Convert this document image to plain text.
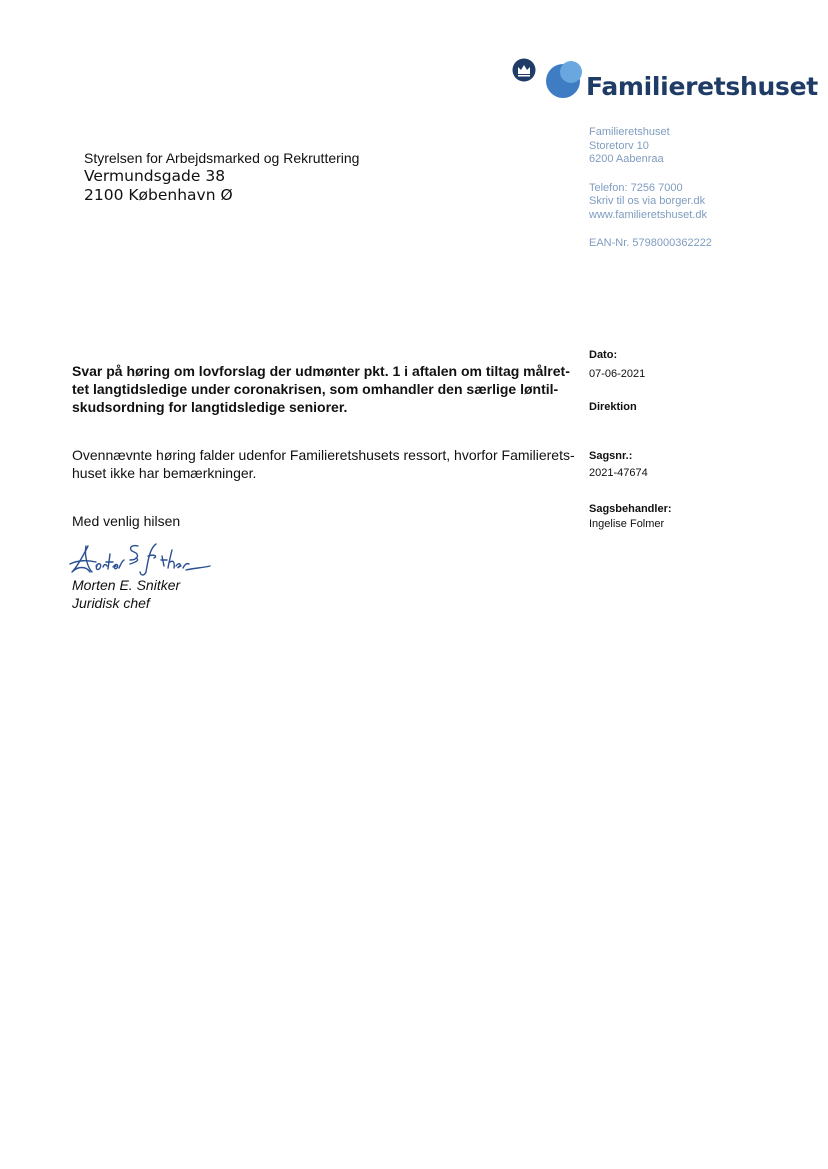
Familieretshuset
Styrelsen for Arbejdsmarked og Rekruttering
Vermundsgade 38
2100 København Ø
Familieretshuset
Storetorv 10
6200 Aabenraa
Telefon: 7256 7000
Skriv til os via borger.dk
www.familieretshuset.dk
EAN-Nr. 5798000362222
Svar på høring om lovforslag der udmønter pkt. 1 i aftalen om tiltag målret-
tet langtidsledige under coronakrisen, som omhandler den særlige løntil-
skudsordning for langtidsledige seniorer.
Ovennævnte høring falder udenfor Familieretshusets ressort, hvorfor Familierets-
huset ikke har bemærkninger.
Med venlig hilsen
Morten E. Snitker
Juridisk chef
Dato:
07-06-2021
Direktion
Sagsnr.:
2021-47674
Sagsbehandler:
Ingelise Folmer
